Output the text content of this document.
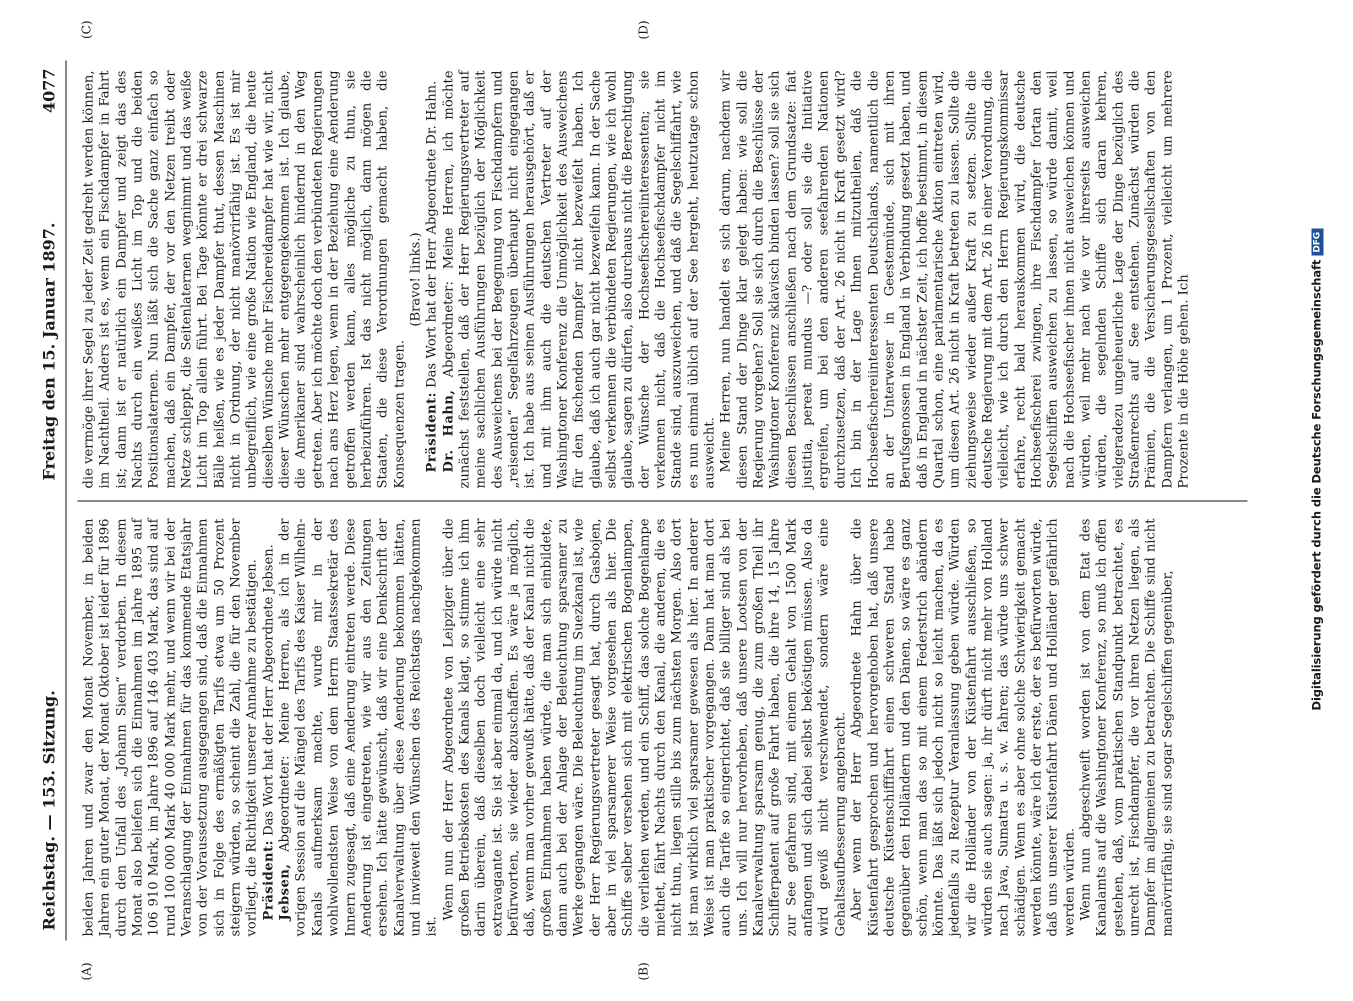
Reichstag. — 153. Sitzung.
Freitag den 15. Januar 1897.
4077
(A)	(B)
(C)	(D)

beiden Jahren und zwar den Monat November, in beiden Jahren ein guter Monat, der Monat Oktober ist leider für 1896 durch den Unfall des „Johann Siem“ verdorben. In diesem Monat also beliefen sich die Einnahmen im Jahre 1895 auf 106 910 Mark, im Jahre 1896 auf 146 403 Mark, das sind auf rund 100 000 Mark 40 000 Mark mehr, und wenn wir bei der Veranschlagung der Einnahmen für das kommende Etatsjahr von der Voraussetzung ausgegangen sind, daß die Einnahmen sich in Folge des ermäßigten Tarifs etwa um 50 Prozent steigern würden, so scheint die Zahl, die für den November vorliegt, die Richtigkeit unserer Annahme zu bestätigen. Präsident: Das Wort hat der Herr Abgeordnete Jebsen.

Jebsen, Abgeordneter: Meine Herren, als ich in der vorigen Session auf die Mängel des Tarifs des Kaiser Wilhelm-Kanals aufmerksam machte, wurde mir in der wohlwollendsten Weise von dem Herrn Staatssekretär des Innern zugesagt, daß eine Aenderung eintreten werde. Diese Aenderung ist eingetreten, wie wir aus den Zeitungen ersehen. Ich hätte gewünscht, daß wir eine Denkschrift der Kanalverwaltung über diese Aenderung bekommen hätten, und inwieweit den Wünschen des Reichstags nachgekommen ist.

Wenn nun der Herr Abgeordnete von Leipziger über die großen Betriebskosten des Kanals klagt, so stimme ich ihm darin überein, daß dieselben doch vielleicht eine sehr extravagante ist. Sie ist aber einmal da, und ich würde nicht befürworten, sie wieder abzuschaffen. Es wäre ja möglich, daß, wenn man vorher gewußt hätte, daß der Kanal nicht die großen Einnahmen haben würde, die man sich einbildete, dann auch bei der Anlage der Beleuchtung sparsamer zu Werke gegangen wäre. Die Beleuchtung im Suezkanal ist, wie der Herr Regierungsvertreter gesagt hat, durch Gasbojen, aber in viel sparsamerer Weise vorgesehen als hier. Die Schiffe selber versehen sich mit elektrischen Bogenlampen, die verliehen werden, und ein Schiff, das solche Bogenlampe miethet, fährt Nachts durch den Kanal, die anderen, die es nicht thun, liegen stille bis zum nächsten Morgen. Also dort ist man wirklich viel sparsamer gewesen als hier. In anderer Weise ist man praktischer vorgegangen. Dann hat man dort auch die Tarife so eingerichtet, daß sie billiger sind als bei uns. Ich will nur hervorheben, daß unsere Lootsen von der Kanalverwaltung sparsam genug, die zum großen Theil ihr Schifferpatent auf große Fahrt haben, die ihre 14, 15 Jahre zur See gefahren sind, mit einem Gehalt von 1500 Mark anfangen und sich dabei selbst beköstigen müssen. Also da wird gewiß nicht verschwendet, sondern wäre eine Gehaltsaufbesserung angebracht. Aber wenn der Herr Abgeordnete Hahn über die Küstenfahrt gesprochen und hervorgehoben hat, daß unsere deutsche Küstenschifffahrt einen schweren Stand habe gegenüber den Holländern und den Dänen, so wäre es ganz schön, wenn man das so mit einem Federstrich abändern könnte. Das läßt sich jedoch nicht so leicht machen, da es jedenfalls zu Rezeptur Veranlassung geben würde. Würden wir die Holländer von der Küstenfahrt ausschließen, so würden sie auch sagen: ja, ihr dürft nicht mehr von Holland nach Java, Sumatra u. s. w. fahren; das würde uns schwer schädigen. Wenn es aber ohne solche Schwierigkeit gemacht werden könnte, wäre ich der erste, der es befürworten würde, daß uns unserer Küstenfahrt Dänen und Holländer gefährlich werden würden. Wenn nun abgeschweift worden ist von dem Etat des Kanalamts auf die Washingtoner Konferenz, so muß ich offen gestehen, daß, vom praktischen Standpunkt betrachtet, es unrecht ist, Fischdampfer, die vor ihren Netzen liegen, als Dampfer im allgemeinen zu betrachten. Die Schiffe sind nicht manövrirfähig, sie sind sogar Segelschiffen gegenüber,

die vermöge ihrer Segel zu jeder Zeit gedreht werden können, im Nachtheil. Anders ist es, wenn ein Fischdampfer in Fahrt ist; dann ist er natürlich ein Dampfer und zeigt das des Nachts durch ein weißes Licht im Top und die beiden Positionslaternen. Nun läßt sich die Sache ganz einfach so machen, daß ein Dampfer, der vor den Netzen treibt oder Netze schleppt, die Seitenlaternen wegnimmt und das weiße Licht im Top allein führt. Bei Tage könnte er drei schwarze Bälle heißen, wie es jeder Dampfer thut, dessen Maschinen nicht in Ordnung, der nicht manövrirfähig ist. Es ist mir unbegreiflich, wie eine große Nation wie England, die heute dieselben Wünsche mehr Fischereidampfer hat wie wir, nicht dieser Wünschen mehr entgegengekommen ist. Ich glaube, die Amerikaner sind wahrscheinlich hindernd in den Weg getreten. Aber ich möchte doch den verbündeten Regierungen nach ans Herz legen, wenn in der Beziehung eine Aenderung getroffen werden kann, alles mögliche zu thun, sie herbeizuführen. Ist das nicht möglich, dann mögen die Staaten, die diese Verordnungen gemacht haben, die Konsequenzen tragen.

(Bravo! links.)

Präsident: Das Wort hat der Herr Abgeordnete Dr. Hahn.

Dr. Hahn, Abgeordneter: Meine Herren, ich möchte zunächst feststellen, daß der Herr Regierungsvertreter auf meine sachlichen Ausführungen bezüglich der Möglichkeit des Ausweichens bei der Begegnung von Fischdampfern und „reisenden“ Segelfahrzeugen überhaupt nicht eingegangen ist. Ich habe aus seinen Ausführungen herausgehört, daß er und mit ihm auch die deutschen Vertreter auf der Washingtoner Konferenz die Unmöglichkeit des Ausweichens für den fischenden Dampfer nicht bezweifelt haben. Ich glaube, daß ich auch gar nicht bezweifeln kann. In der Sache selbst verkennen die verbündeten Regierungen, wie ich wohl glaube, sagen zu dürfen, also durchaus nicht die Berechtigung der Wünsche der Hochseefischereiinteressenten; sie verkennen nicht, daß die Hochseefischdampfer nicht im Stande sind, auszuweichen, und daß die Segelschiffahrt, wie es nun einmal üblich auf der See hergeht, heutzutage schon ausweicht. Meine Herren, nun handelt es sich darum, nachdem wir diesen Stand der Dinge klar gelegt haben: wie soll die Regierung vorgehen? Soll sie sich durch die Beschlüsse der Washingtoner Konferenz sklavisch binden lassen? soll sie sich diesen Beschlüssen anschließen nach dem Grundsatze: fiat justitia, pereat mundus —? oder soll sie die Initiative ergreifen, um bei den anderen seefahrenden Nationen durchzusetzen, daß der Art. 26 nicht in Kraft gesetzt wird? Ich bin in der Lage Ihnen mitzutheilen, daß die Hochseefischereiinteressenten Deutschlands, namentlich die an der Unterweser in Geestemünde, sich mit ihren Berufsgenossen in England in Verbindung gesetzt haben, und daß in England in nächster Zeit, ich hoffe bestimmt, in diesem Quartal schon, eine parlamentarische Aktion eintreten wird, um diesen Art. 26 nicht in Kraft betreten zu lassen. Sollte die ziehungsweise wieder außer Kraft zu setzen. Sollte die deutsche Regierung mit dem Art. 26 in einer Verordnung, die vielleicht, wie ich durch den Herrn Regierungskommissar erfahre, recht bald herauskommen wird, die deutsche Hochseefischerei zwingen, ihre Fischdampfer fortan den Segelschiffen ausweichen zu lassen, so würde damit, weil nach die Hochseefischer ihnen nicht ausweichen können und würden, weil mehr nach wie vor ihrerseits ausweichen würden, die segelnden Schiffe sich daran kehren, vielgeradezu ungeheuerliche Lage der Dinge bezüglich des Straßenrechts auf See entstehen. Zunächst würden die Prämien, die die Versicherungsgesellschaften von den Dampfern verlangen, um 1 Prozent, vielleicht um mehrere Prozente in die Höhe gehen. Ich	Digitalisierung gefördert durch die Deutsche ForschungsgemeinschaftDFG
